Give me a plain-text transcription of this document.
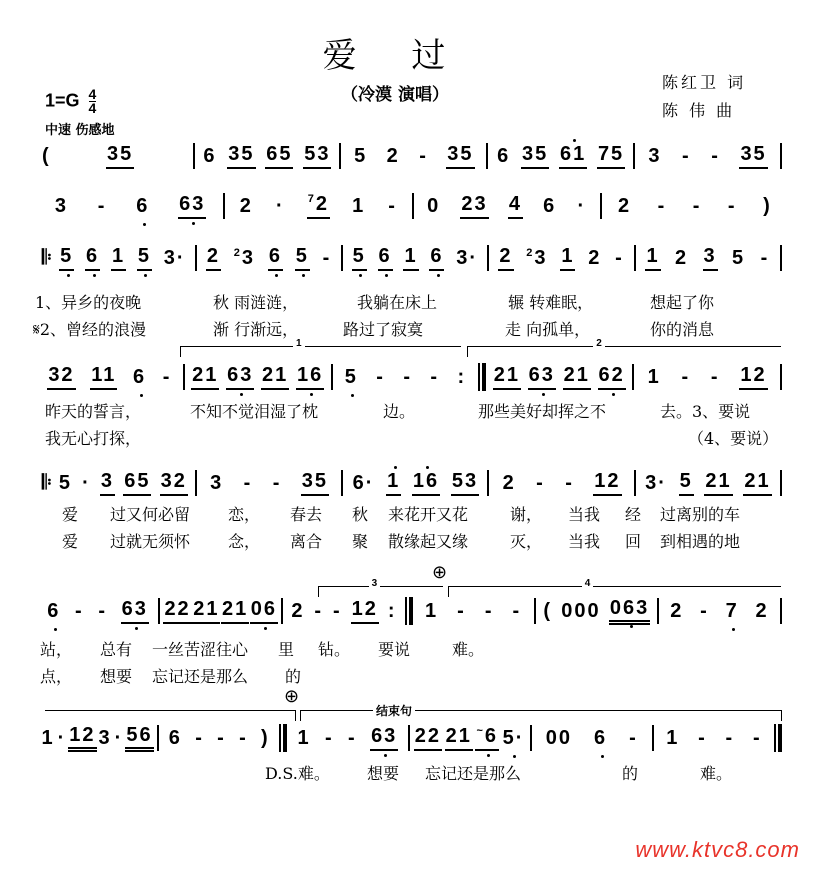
爱 过
（冷漠 演唱）
$1=G \frac{4}{4}$
中速 伤感地
陈红卫 词
陈 伟 曲
(	35	6 35 65 53 5 2 - 35 6 35 61 75 3 - - 35
3 - 6 63 2 · $^7$2 1 - 0 23 4 6 · 2 - - - )
𝄆 5 6 1 5 3· 2 $^2$3 6 5 - 5 6 1 6 3· 2 $^2$3 1 2 - 1 2 3 5 -
32 11 6 - 21 63 21 16 5 - - - : 21 63 21 62 1 - - 12
𝄆 5 · 3 65 32 3 - - 35 6· 1 16 53 2 - - 12 3· 5 21 21
6 - - 63 22 21 21 06 2 - - 12 : 1 - - - ( 000 063 2 - 7 2
1 · 12 3 · 56 6 - - - ) 1 - - 63 22 21 ~6 5· 00 6 - 1 - - -
1	2
3	4
结束句
⊕
⊕
1、异乡的夜晚	秋 雨涟涟，	我躺在床上	辗 转难眠，	想起了你
𝄋2、曾经的浪漫	渐 行渐远，	路过了寂寞	走 向孤单，	你的消息
昨天的誓言，	不知不觉泪湿了枕	边。	那些美好却挥之不	去。3、要说
我无心打探，	（4、要说）
爱 过又何必留 恋， 春去 秋 来花开又花	谢， 当我 经 过离别的车
爱 过就无须怀 念， 离合 聚 散缘起又缘	灭， 当我 回 到相遇的地
站， 总有 一丝苦涩往心 里 钻。 要说	难。
点， 想要 忘记还是那么 的
D.S.难。 想要 忘记还是那么	的	难。
www.ktvc8.com
